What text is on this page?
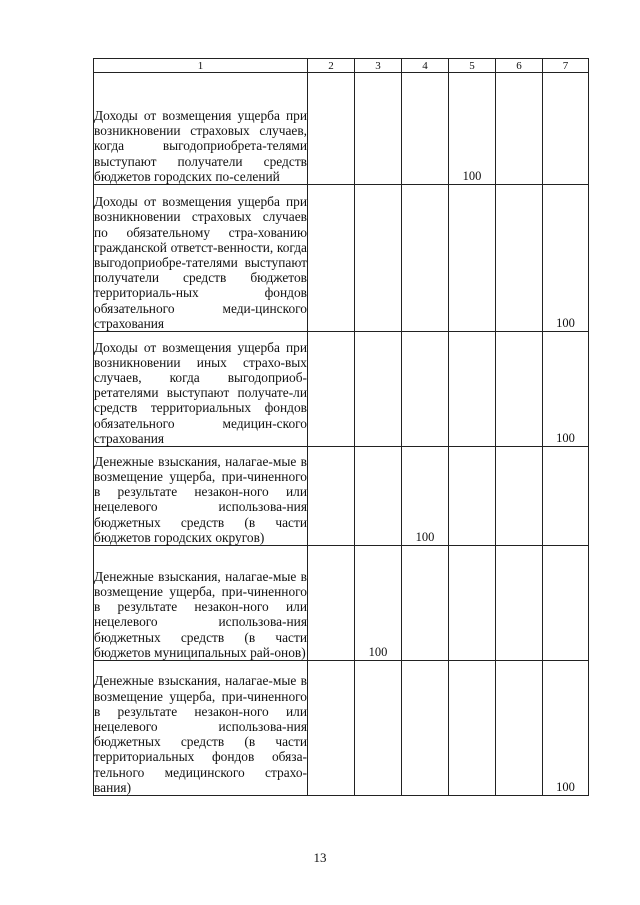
1	2	3	4	5	6	7
Доходы от возмещения ущерба при возникновении страховых случаев, когда выгодоприобрета-телями выступают получатели средств бюджетов городских по-селений				100		
Доходы от возмещения ущерба при возникновении страховых случаев по обязательному стра-хованию гражданской ответст-венности, когда выгодоприобре-тателями выступают получатели средств бюджетов территориаль-ных фондов обязательного меди-цинского страхования						100
Доходы от возмещения ущерба при возникновении иных страхо-вых случаев, когда выгодоприоб-ретателями выступают получате-ли средств территориальных фондов обязательного медицин-ского страхования						100
Денежные взыскания, налагае-мые в возмещение ущерба, при-чиненного в результате незакон-ного или нецелевого использова-ния бюджетных средств (в части бюджетов городских округов)			100			
Денежные взыскания, налагае-мые в возмещение ущерба, при-чиненного в результате незакон-ного или нецелевого использова-ния бюджетных средств (в части бюджетов муниципальных рай-онов)		100				
Денежные взыскания, налагае-мые в возмещение ущерба, при-чиненного в результате незакон-ного или нецелевого использова-ния бюджетных средств (в части территориальных фондов обяза-тельного медицинского страхо-вания)						100
13
